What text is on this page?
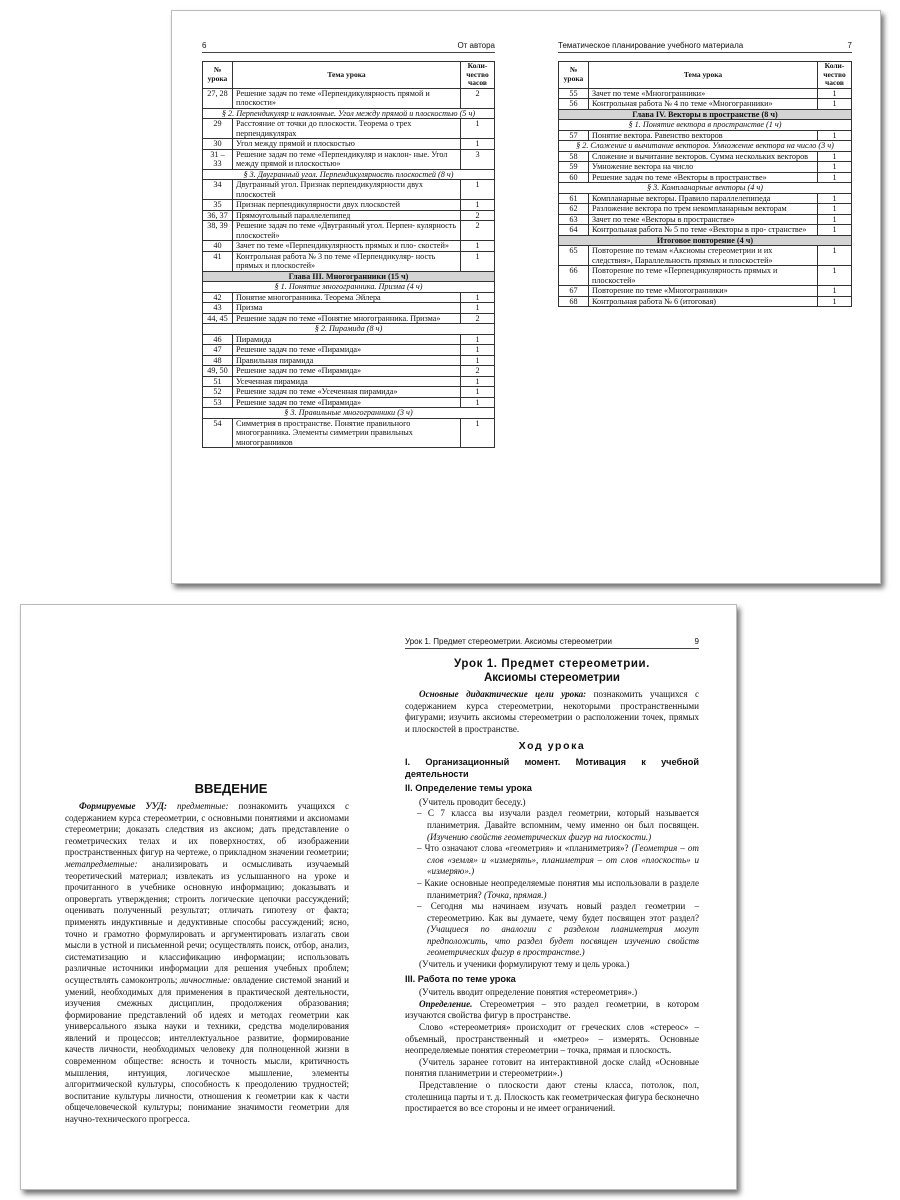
6	От автора
№ урока	Тема урока	Коли- чество часов
27, 28	Решение задач по теме «Перпендикулярность прямой и плоскости»	2
§ 2. Перпендикуляр и наклонные. Угол между прямой и плоскостью (5 ч)		
29	Расстояние от точки до плоскости. Теорема о трех перпендикулярах	1
30	Угол между прямой и плоскостью	1
31 – 33	Решение задач по теме «Перпендикуляр и наклон- ные. Угол между прямой и плоскостью»	3
§ 3. Двугранный угол. Перпендикулярность плоскостей (8 ч)		
34	Двугранный угол. Признак перпендикулярности двух плоскостей	1
35	Признак перпендикулярности двух плоскостей	1
36, 37	Прямоугольный параллелепипед	2
38, 39	Решение задач по теме «Двугранный угол. Перпен- кулярность плоскостей»	2
40	Зачет по теме «Перпендикулярность прямых и пло- скостей»	1
41	Контрольная работа № 3 по теме «Перпендикуляр- ность прямых и плоскостей»	1
Глава III. Многогранники (15 ч)		
§ 1. Понятие многогранника. Призма (4 ч)		
42	Понятие многогранника. Теорема Эйлера	1
43	Призма	1
44, 45	Решение задач по теме «Понятие многогранника. Призма»	2
§ 2. Пирамида (8 ч)		
46	Пирамида	1
47	Решение задач по теме «Пирамида»	1
48	Правильная пирамида	1
49, 50	Решение задач по теме «Пирамида»	2
51	Усеченная пирамида	1
52	Решение задач по теме «Усеченная пирамида»	1
53	Решение задач по теме «Пирамида»	1
§ 3. Правильные многогранники (3 ч)		
54	Симметрия в пространстве. Понятие правильного многогранника. Элементы симметрии правильных многогранников	1
Тематическое планирование учебного материала	7
№ урока	Тема урока	Коли- чество часов
55	Зачет по теме «Многогранники»	1
56	Контрольная работа № 4 по теме «Многогранники»	1
Глава IV. Векторы в пространстве (8 ч)		
§ 1. Понятие вектора в пространстве (1 ч)		
57	Понятие вектора. Равенство векторов	1
§ 2. Сложение и вычитание векторов. Умножение вектора на число (3 ч)		
58	Сложение и вычитание векторов. Сумма нескольких векторов	1
59	Умножение вектора на число	1
60	Решение задач по теме «Векторы в пространстве»	1
§ 3. Компланарные векторы (4 ч)		
61	Компланарные векторы. Правило параллелепипеда	1
62	Разложение вектора по трем некомпланарным векторам	1
63	Зачет по теме «Векторы в пространстве»	1
64	Контрольная работа № 5 по теме «Векторы в про- странстве»	1
Итоговое повторение (4 ч)		
65	Повторение по темам «Аксиомы стереометрии и их следствия», Параллельность прямых и плоскостей»	1
66	Повторение по теме «Перпендикулярность прямых и плоскостей»	1
67	Повторение по теме «Многогранники»	1
68	Контрольная работа № 6 (итоговая)	1
ВВЕДЕНИЕ

Формируемые УУД: предметные: познакомить учащихся с содержанием курса стереометрии, с основными понятиями и аксиомами стереометрии; доказать следствия из аксиом; дать представление о геометрических телах и их поверхностях, об изображении пространственных фигур на чертеже, о прикладном значении геометрии; метапредметные: анализировать и осмысливать изучаемый теоретический материал; извлекать из услышанного на уроке и прочитанного в учебнике основную информацию; доказывать и опровергать утверждения; строить логические цепочки рассуждений; оценивать полученный результат; отличать гипотезу от факта; применять индуктивные и дедуктивные способы рассуждений; ясно, точно и грамотно формулировать и аргументировать излагать свои мысли в устной и письменной речи; осуществлять поиск, отбор, анализ, систематизацию и классификацию информации; использовать различные источники информации для решения учебных проблем; осуществлять самоконтроль; личностные: овладение системой знаний и умений, необходимых для применения в практической деятельности, изучения смежных дисциплин, продолжения образования; формирование представлений об идеях и методах геометрии как универсального языка науки и техники, средства моделирования явлений и процессов; интеллектуальное развитие, формирование качеств личности, необходимых человеку для полноценной жизни в современном обществе: ясность и точность мысли, критичность мышления, интуиция, логическое мышление, элементы алгоритмической культуры, способность к преодолению трудностей; воспитание культуры личности, отношения к геометрии как к части общечеловеческой культуры; понимание значимости геометрии для научно-технического прогресса.

Урок 1. Предмет стереометрии. Аксиомы стереометрии	9
Урок 1. Предмет стереометрии.
Аксиомы стереометрии

Основные дидактические цели урока: познакомить учащихся с содержанием курса стереометрии, некоторыми пространственными фигурами; изучить аксиомы стереометрии о расположении точек, прямых и плоскостей в пространстве.

Ход урока
I. Организационный момент. Мотивация к учебной деятельности
II. Определение темы урока

(Учитель проводит беседу.)

– С 7 класса вы изучали раздел геометрии, который называется планиметрия. Давайте вспомним, чему именно он был посвящен. (Изучению свойств геометрических фигур на плоскости.)

– Что означают слова «геометрия» и «планиметрия»? (Геометрия – от слов «земля» и «измерять», планиметрия – от слов «плоскость» и «измеряю».)

– Какие основные неопределяемые понятия мы использовали в разделе планиметрия? (Точка, прямая.)

– Сегодня мы начинаем изучать новый раздел геометрии – стереометрию. Как вы думаете, чему будет посвящен этот раздел? (Учащиеся по аналогии с разделом планиметрия могут предположить, что раздел будет посвящен изучению свойств геометрических фигур в пространстве.)

(Учитель и ученики формулируют тему и цель урока.)

III. Работа по теме урока

(Учитель вводит определение понятия «стереометрия».)

Определение. Стереометрия – это раздел геометрии, в котором изучаются свойства фигур в пространстве.

Слово «стереометрия» происходит от греческих слов «стереос» – объемный, пространственный и «метрео» – измерять. Основные неопределяемые понятия стереометрии – точка, прямая и плоскость.

(Учитель заранее готовит на интерактивной доске слайд «Основные понятия планиметрии и стереометрии».)

Представление о плоскости дают стены класса, потолок, пол, столешница парты и т. д. Плоскость как геометрическая фигура бесконечно простирается во все стороны и не имеет ограничений.
